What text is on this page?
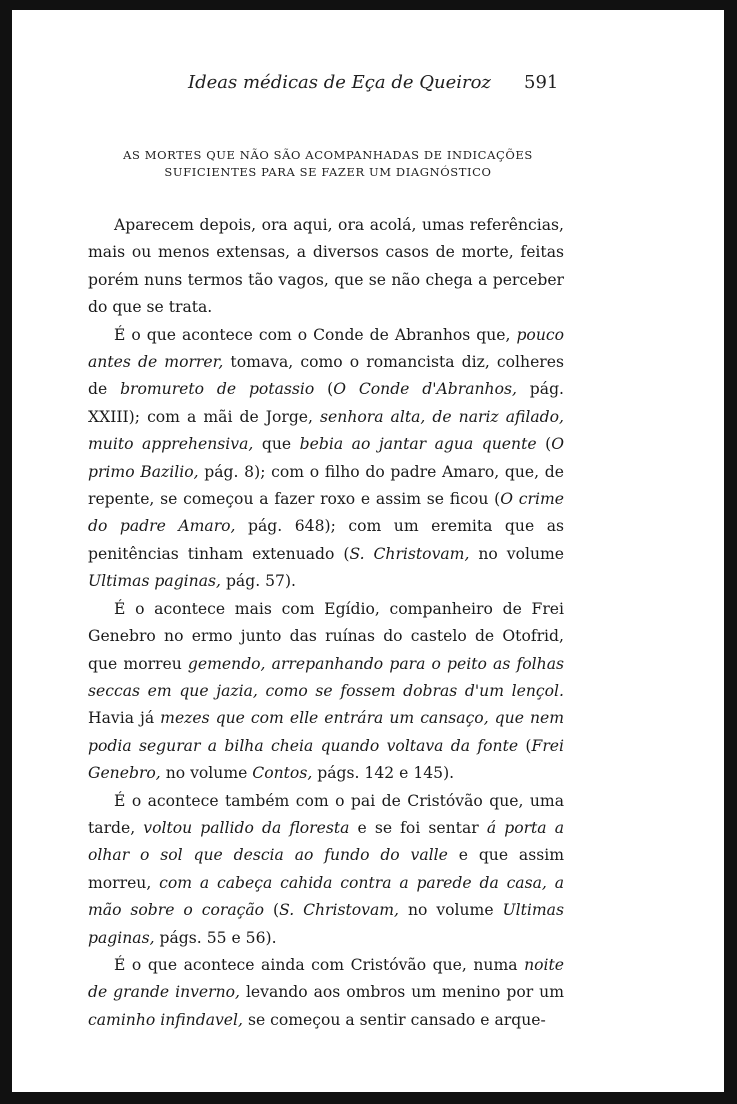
Ideas médicas de Eça de Queiroz 591
AS MORTES QUE NÃO SÃO ACOMPANHADAS DE INDICAÇÕES SUFICIENTES PARA SE FAZER UM DIAGNÓSTICO

Aparecem depois, ora aqui, ora acolá, umas referências, mais ou menos extensas, a diversos casos de morte, feitas porém nuns termos tão vagos, que se não chega a perceber do que se trata.

É o que acontece com o Conde de Abranhos que, pouco antes de morrer, tomava, como o romancista diz, colheres de bromureto de potassio (O Conde d'Abranhos, pág. XXIII); com a mãi de Jorge, senhora alta, de nariz afilado, muito apprehensiva, que bebia ao jantar agua quente (O primo Bazilio, pág. 8); com o filho do padre Amaro, que, de repente, se começou a fazer roxo e assim se ficou (O crime do padre Amaro, pág. 648); com um eremita que as penitências tinham extenuado (S. Christovam, no volume Ultimas paginas, pág. 57).

É o acontece mais com Egídio, companheiro de Frei Genebro no ermo junto das ruínas do castelo de Otofrid, que morreu gemendo, arrepanhando para o peito as folhas seccas em que jazia, como se fossem dobras d'um lençol. Havia já mezes que com elle entrára um cansaço, que nem podia segurar a bilha cheia quando voltava da fonte (Frei Genebro, no volume Contos, págs. 142 e 145).

É o acontece também com o pai de Cristóvão que, uma tarde, voltou pallido da floresta e se foi sentar á porta a olhar o sol que descia ao fundo do valle e que assim morreu, com a cabeça cahida contra a parede da casa, a mão sobre o coração (S. Christovam, no volume Ultimas paginas, págs. 55 e 56).

É o que acontece ainda com Cristóvão que, numa noite de grande inverno, levando aos ombros um menino por um caminho infindavel, se começou a sentir cansado e arque-
